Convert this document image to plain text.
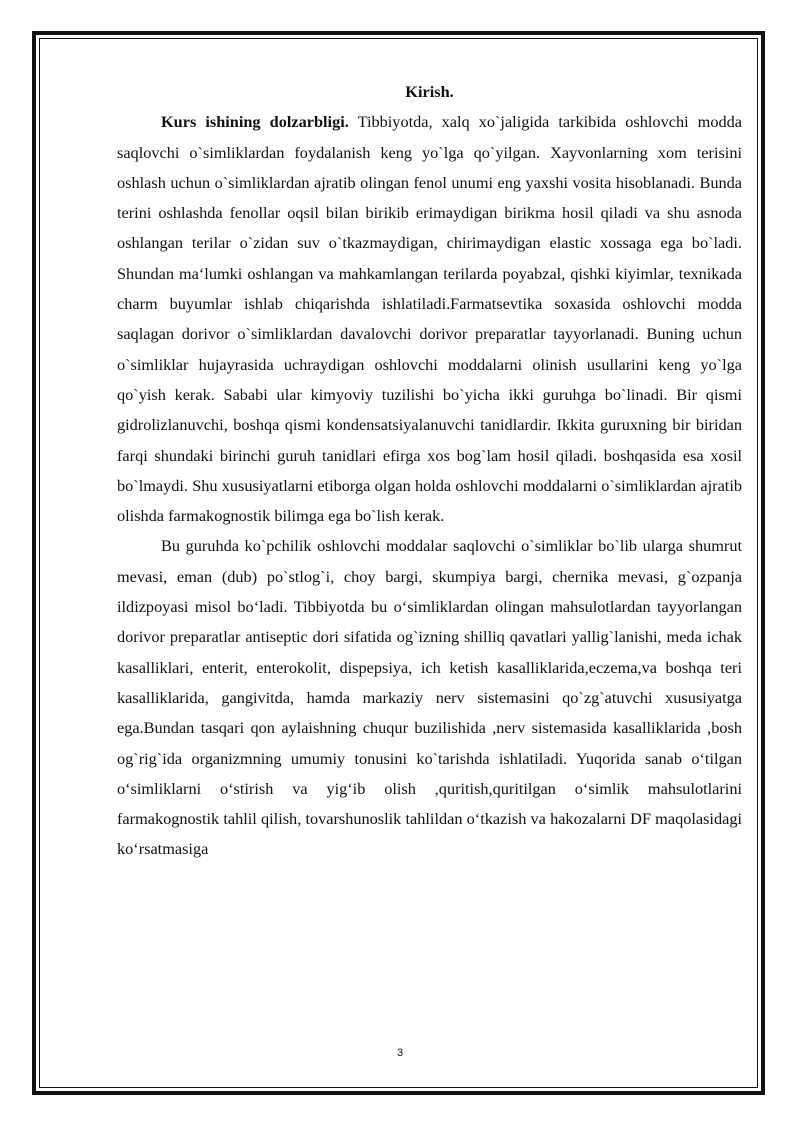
Kirish.

Kurs ishining dolzarbligi. Tibbiyotda, xalq xo`jaligida tarkibida oshlovchi modda saqlovchi o`simliklardan foydalanish keng yo`lga qo`yilgan. Xayvonlarning xom terisini oshlash uchun o`simliklardan ajratib olingan fenol unumi eng yaxshi vosita hisoblanadi. Bunda terini oshlashda fenollar oqsil bilan birikib erimaydigan birikma hosil qiladi va shu asnoda oshlangan terilar o`zidan suv o`tkazmaydigan, chirimaydigan elastic xossaga ega bo`ladi. Shundan ma‘lumki oshlangan va mahkamlangan terilarda poyabzal, qishki kiyimlar, texnikada charm buyumlar ishlab chiqarishda ishlatiladi.Farmatsevtika soxasida oshlovchi modda saqlagan dorivor o`simliklardan davalovchi dorivor preparatlar tayyorlanadi. Buning uchun o`simliklar hujayrasida uchraydigan oshlovchi moddalarni olinish usullarini keng yo`lga qo`yish kerak. Sababi ular kimyoviy tuzilishi bo`yicha ikki guruhga bo`linadi. Bir qismi gidrolizlanuvchi, boshqa qismi kondensatsiyalanuvchi tanidlardir. Ikkita guruxning bir biridan farqi shundaki birinchi guruh tanidlari efirga xos bog`lam hosil qiladi. boshqasida esa xosil bo`lmaydi. Shu xususiyatlarni etiborga olgan holda oshlovchi moddalarni o`simliklardan ajratib olishda farmakognostik bilimga ega bo`lish kerak.

Bu guruhda ko`pchilik oshlovchi moddalar saqlovchi o`simliklar bo`lib ularga shumrut mevasi, eman (dub) po`stlog`i, choy bargi, skumpiya bargi, chernika mevasi, g`ozpanja ildizpoyasi misol bo‘ladi. Tibbiyotda bu o‘simliklardan olingan mahsulotlardan tayyorlangan dorivor preparatlar antiseptic dori sifatida og`izning shilliq qavatlari yallig`lanishi, meda ichak kasalliklari, enterit, enterokolit, dispepsiya, ich ketish kasalliklarida,eczema,va boshqa teri kasalliklarida, gangivitda, hamda markaziy nerv sistemasini qo`zg`atuvchi xususiyatga ega.Bundan tasqari qon aylaishning chuqur buzilishida ,nerv sistemasida kasalliklarida ,bosh og`rig`ida organizmning umumiy tonusini ko`tarishda ishlatiladi. Yuqorida sanab o‘tilgan o‘simliklarni o‘stirish va yig‘ib olish ,quritish,quritilgan o‘simlik mahsulotlarini farmakognostik tahlil qilish, tovarshunoslik tahlildan o‘tkazish va hakozalarni DF maqolasidagi ko‘rsatmasiga

3
